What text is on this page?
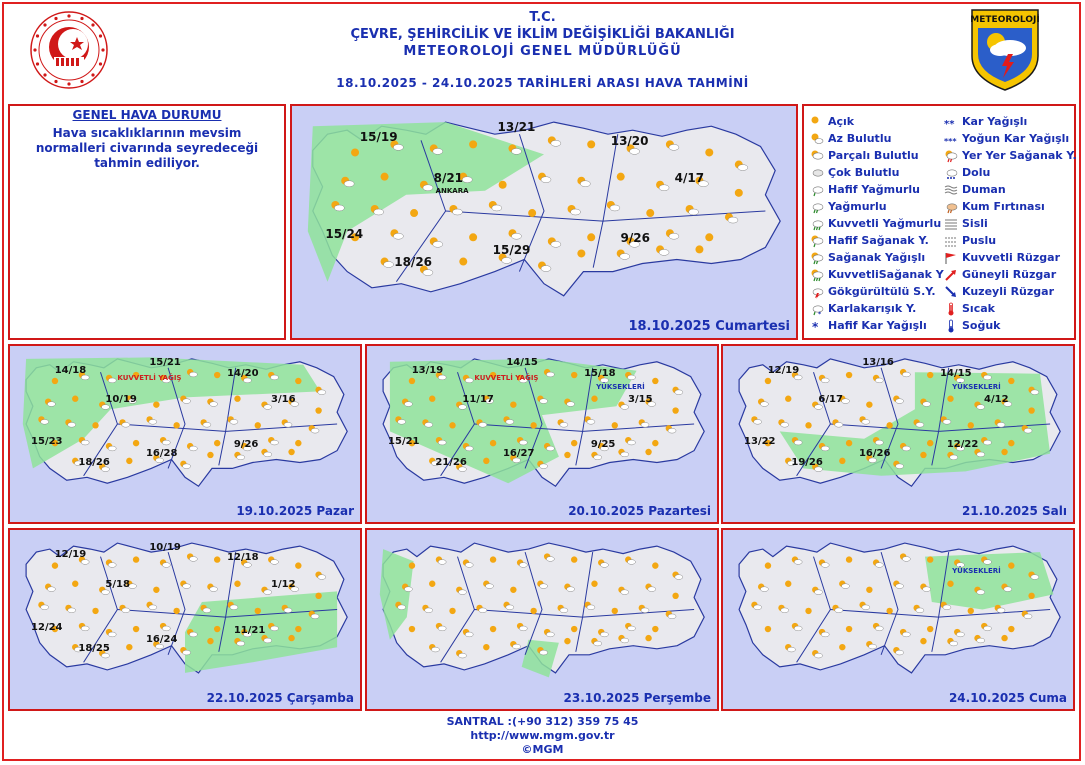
T.C.
ÇEVRE, ŞEHİRCİLİK VE İKLİM DEĞİŞİKLİĞİ BAKANLIĞI
METEOROLOJİ GENEL MÜDÜRLÜĞÜ
18.10.2025 - 24.10.2025 TARİHLERİ ARASI HAVA TAHMİNİ
METEOROLOJİ
GENEL HAVA DURUMU
Hava sıcaklıklarının mevsim normalleri civarında seyredeceği tahmin ediliyor.
18.10.2025 Cumartesi
15/19
13/21
13/20
8/21	4/17
15/24
18/26
15/29
9/26
ANKARA
19.10.2025 Pazar
14/18
15/21
14/20
10/19	3/16
15/23
18/26
16/28
9/26
KUVVETLİ YAĞIŞ
20.10.2025 Pazartesi
13/19
14/15
15/18
11/17	3/15
15/21
21/26
16/27
9/25
KUVVETLİ YAĞIŞ
YÜKSEKLERİ
21.10.2025 Salı
12/19
13/16
14/15
6/17	4/12
13/22
19/26
16/26
12/22
YÜKSEKLERİ
22.10.2025 Çarşamba
12/19
10/19
12/18
5/18	1/12
12/24
18/25
16/24
11/21
23.10.2025 Perşembe	24.10.2025 Cuma
YÜKSEKLERİ
Açık
Az Bulutlu
Parçalı Bulutlu
Çok Bulutlu
Hafif Yağmurlu
Yağmurlu
Kuvvetli Yağmurlu
Hafif Sağanak Y.
Sağanak Yağışlı
KuvvetliSağanak Y
Gökgürültülü S.Y.
* Karlakarışık Y.
* Hafif Kar Yağışlı
** Kar Yağışlı
*** Yoğun Kar Yağışlı
Yer Yer Sağanak Y.
Dolu
Duman
Kum Fırtınası
Sisli
Puslu
Kuvvetli Rüzgar
Güneyli Rüzgar
Kuzeyli Rüzgar
Sıcak
Soğuk
SANTRAL :(+90 312) 359 75 45
http://www.mgm.gov.tr
©MGM
